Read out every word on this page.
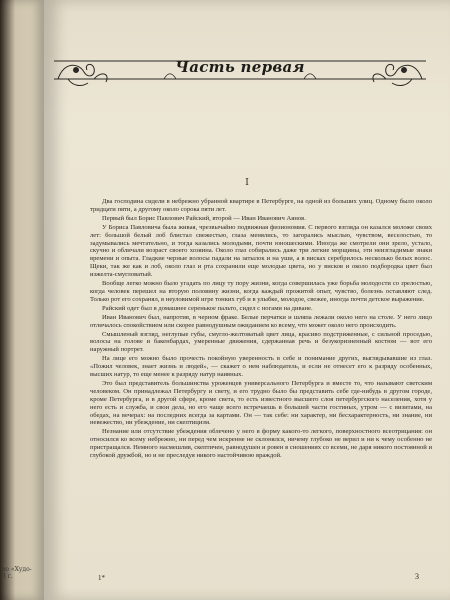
во «Худо-
3 г.
Часть первая
I

Два господина сидели в небрежно убранной квартире в Петербурге, на одной из больших улиц. Одному было около тридцати пяти, а другому около сорока пяти лет.

Первый был Борис Павлович Райский, второй — Иван Иванович Аянов.

У Бориса Павловича была живая, чрезвычайно подвижная физиономия. С первого взгляда он казался моложе своих лет: большой белый лоб блистал свежестью, глаза менялись, то загорались мыслью, чувством, веселостью, то задумывались мечтательно, и тогда казались молодыми, почти юношескими. Иногда же смотрели они зрело, устало, скучно и обличали возраст своего хозяина. Около глаз собирались даже три легкие морщины, эти неизгладимые знаки времени и опыта. Гладкие черные волосы падали на затылок и на уши, а в висках серебрилось несколько белых волос. Щеки, так же как и лоб, около глаз и рта сохранили еще молодые цвета, но у висков и около подбородка цвет был изжелта-смугловатый.

Вообще легко можно было угадать по лицу ту пору жизни, когда совершилась уже борьба молодости со зрелостью, когда человек перешел на вторую половину жизни, когда каждый прожитой опыт, чувство, болезнь оставляют след. Только рот его сохранял, в неуловимой игре тонких губ и в улыбке, молодое, свежее, иногда почти детское выражение.

Райский одет был в домашнее серенькое пальто, сидел с ногами на диване.

Иван Иванович был, напротив, в черном фраке. Белые перчатки и шляпа лежали около него на столе. У него лицо отличалось спокойствием или скорее равнодушным ожиданием ко всему, что может около него происходить.

Смышленый взгляд, неглупые губы, смугло-желтоватый цвет лица, красиво подстриженные, с сильной проседью, волосы на голове и бакенбардах, умеренные движения, сдержанная речь и безукоризненный костюм — вот его наружный портрет.

На лице его можно было прочесть покойную уверенность в себе и понимание других, выглядывавшие из глаз. «Пожил человек, знает жизнь и людей», — скажет о нем наблюдатель, и если не отнесет его к разряду особенных, высших натур, то еще менее к разряду натур наивных.

Это был представитель большинства уроженцев универсального Петербурга и вместе то, что называют светским человеком. Он принадлежал Петербургу и свету, и его трудно было бы представить себе где-нибудь в другом городе, кроме Петербурга, и в другой сфере, кроме света, то есть известного высшего слоя петербургского населения, хотя у него есть и служба, и свои дела, но его чаще всего встречаешь в большей части гостиных, утром — с визитами, на обедах, на вечерах: на последних всегда за картами. Он — так себе: ни характер, ни бесхарактерность, ни знание, ни невежество, ни убеждение, ни скептицизм.

Незнание или отсутствие убеждения облечено у него в форму какого-то легкого, поверхностного всеотрицания: он относился ко всему небрежно, ни перед чем искренне не склонялся, ничему глубоко не верил и ни к чему особенно не пристращался. Немного насмешлив, скептичен, равнодушен и ровен в сношениях со всеми, не даря никого постоянной и глубокой дружбой, но и не преследуя никого настойчивою враждой.

1*	3
